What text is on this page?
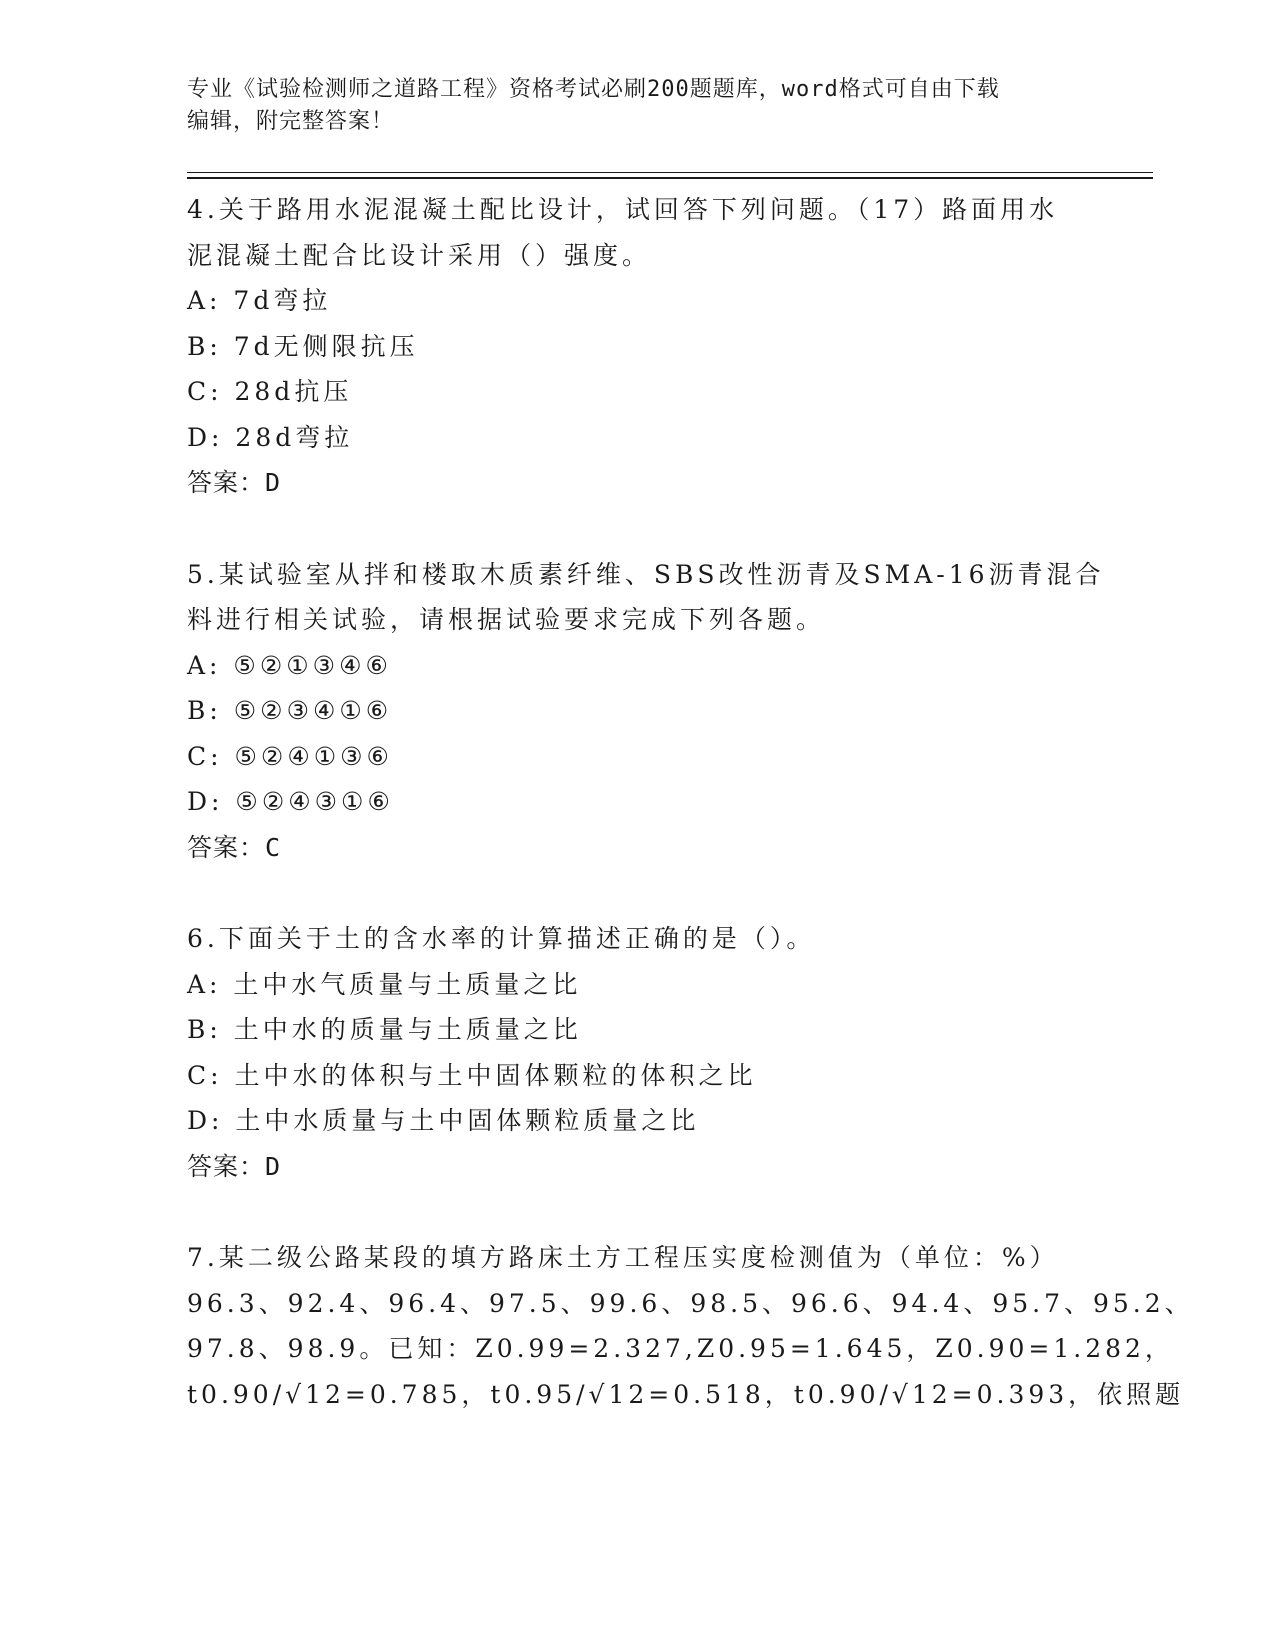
专业《试验检测师之道路工程》资格考试必刷200题题库，word格式可自由下载
编辑，附完整答案！
4.关于路用水泥混凝土配比设计，试回答下列问题。（17）路面用水
泥混凝土配合比设计采用（）强度。
A: 7d弯拉
B: 7d无侧限抗压
C: 28d抗压
D: 28d弯拉
答案：D
5.某试验室从拌和楼取木质素纤维、SBS改性沥青及SMA-16沥青混合
料进行相关试验，请根据试验要求完成下列各题。
A: ⑤②①③④⑥
B: ⑤②③④①⑥
C: ⑤②④①③⑥
D: ⑤②④③①⑥
答案：C
6.下面关于土的含水率的计算描述正确的是（）。
A: 土中水气质量与土质量之比
B: 土中水的质量与土质量之比
C: 土中水的体积与土中固体颗粒的体积之比
D: 土中水质量与土中固体颗粒质量之比
答案：D
7.某二级公路某段的填方路床土方工程压实度检测值为（单位：%）
96.3、92.4、96.4、97.5、99.6、98.5、96.6、94.4、95.7、95.2、
97.8、98.9。已知：Z0.99=2.327,Z0.95=1.645，Z0.90=1.282，
t0.90/√12=0.785，t0.95/√12=0.518，t0.90/√12=0.393，依照题
